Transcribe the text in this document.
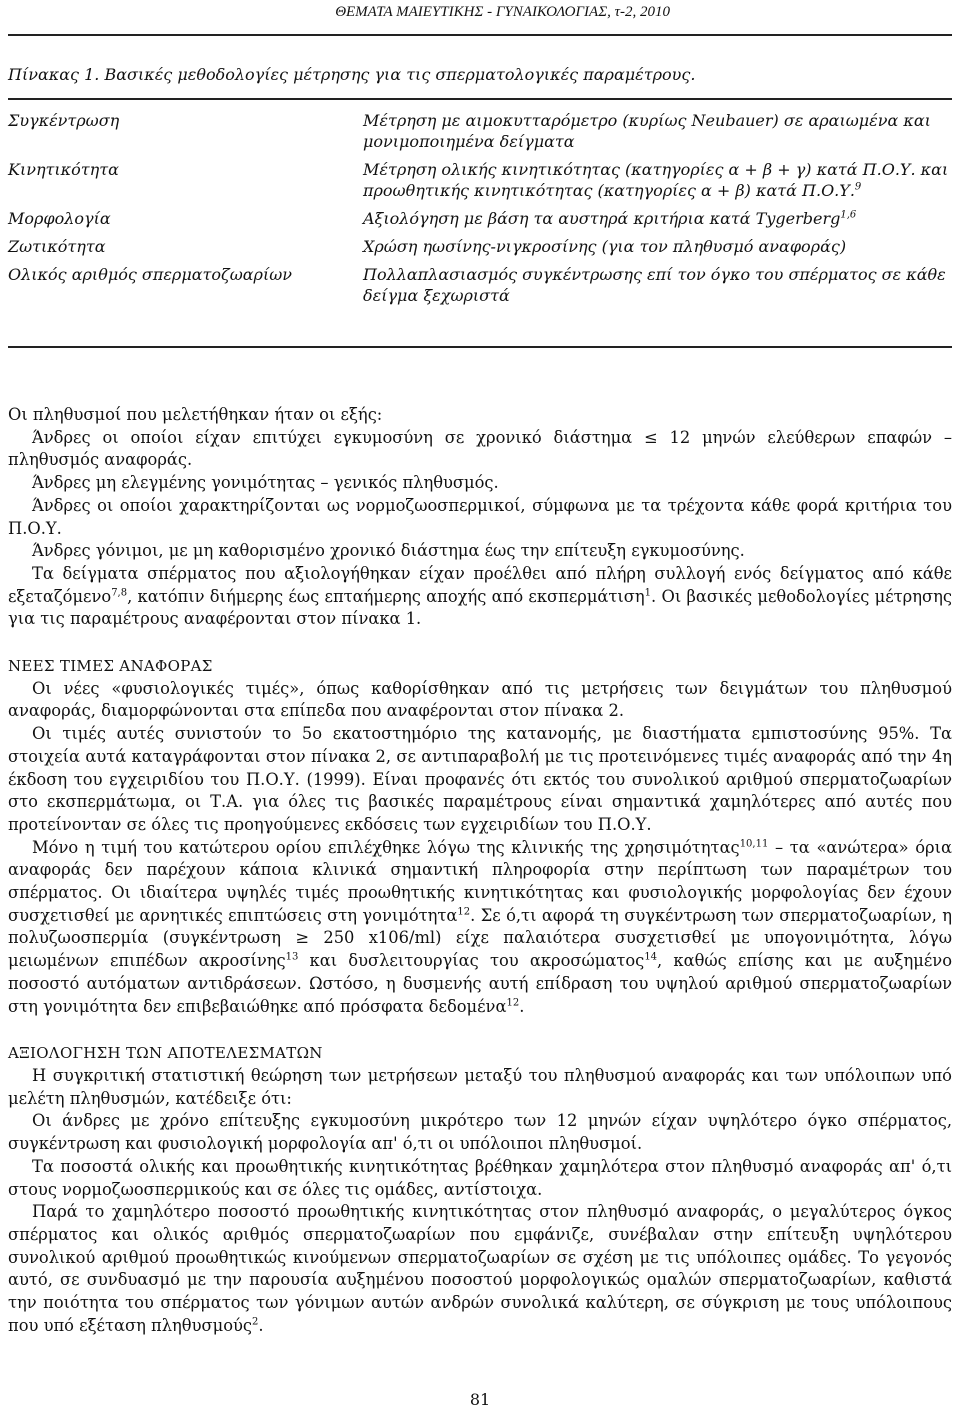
ΘΕΜΑΤΑ ΜΑΙΕΥΤΙΚΗΣ - ΓΥΝΑΙΚΟΛΟΓΙΑΣ, τ-2, 2010
Πίνακας 1. Βασικές μεθοδολογίες μέτρησης για τις σπερματολογικές παραμέτρους.
Συγκέντρωση	Μέτρηση με αιμοκυτταρόμετρο (κυρίως Neubauer) σε αραιωμένα και μονιμοποιημένα δείγματα
Κινητικότητα	Μέτρηση ολικής κινητικότητας (κατηγορίες α + β + γ) κατά Π.Ο.Υ. και προωθητικής κινητικότητας (κατηγορίες α + β) κατά Π.Ο.Υ.$^9$
Μορφολογία	Αξιολόγηση με βάση τα αυστηρά κριτήρια κατά Tygerberg$^{1,6}$
Ζωτικότητα	Χρώση ηωσίνης-νιγκροσίνης (για τον πληθυσμό αναφοράς)
Ολικός αριθμός σπερματοζωαρίων	Πολλαπλασιασμός συγκέντρωσης επί τον όγκο του σπέρματος σε κάθε δείγμα ξεχωριστά

Οι πληθυσμοί που μελετήθηκαν ήταν οι εξής:

Άνδρες οι οποίοι είχαν επιτύχει εγκυμοσύνη σε χρονικό διάστημα ≤ 12 μηνών ελεύθερων επαφών – πληθυσμός αναφοράς.

Άνδρες μη ελεγμένης γονιμότητας – γενικός πληθυσμός.

Άνδρες οι οποίοι χαρακτηρίζονται ως νορμοζωοσπερμικοί, σύμφωνα με τα τρέχοντα κάθε φορά κριτήρια του Π.Ο.Υ.

Άνδρες γόνιμοι, με μη καθορισμένο χρονικό διάστημα έως την επίτευξη εγκυμοσύνης.

Τα δείγματα σπέρματος που αξιολογήθηκαν είχαν προέλθει από πλήρη συλλογή ενός δείγματος από κάθε εξεταζόμενο$^{7,8}$, κατόπιν διήμερης έως επταήμερης αποχής από εκσπερμάτιση$^1$. Οι βασικές μεθοδολογίες μέτρησης για τις παραμέτρους αναφέρονται στον πίνακα 1.

ΝΕΕΣ ΤΙΜΕΣ ΑΝΑΦΟΡΑΣ

Οι νέες «φυσιολογικές τιμές», όπως καθορίσθηκαν από τις μετρήσεις των δειγμάτων του πληθυσμού αναφοράς, διαμορφώνονται στα επίπεδα που αναφέρονται στον πίνακα 2.

Οι τιμές αυτές συνιστούν το 5ο εκατοστημόριο της κατανομής, με διαστήματα εμπιστοσύνης 95%. Τα στοιχεία αυτά καταγράφονται στον πίνακα 2, σε αντιπαραβολή με τις προτεινόμενες τιμές αναφοράς από την 4η έκδοση του εγχειριδίου του Π.Ο.Υ. (1999). Είναι προφανές ότι εκτός του συνολικού αριθμού σπερματοζωαρίων στο εκσπερμάτωμα, οι Τ.Α. για όλες τις βασικές παραμέτρους είναι σημαντικά χαμηλότερες από αυτές που προτείνονταν σε όλες τις προηγούμενες εκδόσεις των εγχειριδίων του Π.Ο.Υ.

Μόνο η τιμή του κατώτερου ορίου επιλέχθηκε λόγω της κλινικής της χρησιμότητας$^{10,11}$ – τα «ανώτερα» όρια αναφοράς δεν παρέχουν κάποια κλινικά σημαντική πληροφορία στην περίπτωση των παραμέτρων του σπέρματος. Οι ιδιαίτερα υψηλές τιμές προωθητικής κινητικότητας και φυσιολογικής μορφολογίας δεν έχουν συσχετισθεί με αρνητικές επιπτώσεις στη γονιμότητα$^{12}$. Σε ό,τι αφορά τη συγκέντρωση των σπερματοζωαρίων, η πολυζωοσπερμία (συγκέντρωση ≥ 250 x106/ml) είχε παλαιότερα συσχετισθεί με υπογονιμότητα, λόγω μειωμένων επιπέδων ακροσίνης$^{13}$ και δυσλειτουργίας του ακροσώματος$^{14}$, καθώς επίσης και με αυξημένο ποσοστό αυτόματων αντιδράσεων. Ωστόσο, η δυσμενής αυτή επίδραση του υψηλού αριθμού σπερματοζωαρίων στη γονιμότητα δεν επιβεβαιώθηκε από πρόσφατα δεδομένα$^{12}$.

ΑΞΙΟΛΟΓΗΣΗ ΤΩΝ ΑΠΟΤΕΛΕΣΜΑΤΩΝ

Η συγκριτική στατιστική θεώρηση των μετρήσεων μεταξύ του πληθυσμού αναφοράς και των υπόλοιπων υπό μελέτη πληθυσμών, κατέδειξε ότι:

Οι άνδρες με χρόνο επίτευξης εγκυμοσύνη μικρότερο των 12 μηνών είχαν υψηλότερο όγκο σπέρματος, συγκέντρωση και φυσιολογική μορφολογία απ' ό,τι οι υπόλοιποι πληθυσμοί.

Τα ποσοστά ολικής και προωθητικής κινητικότητας βρέθηκαν χαμηλότερα στον πληθυσμό αναφοράς απ' ό,τι στους νορμοζωοσπερμικούς και σε όλες τις ομάδες, αντίστοιχα.

Παρά το χαμηλότερο ποσοστό προωθητικής κινητικότητας στον πληθυσμό αναφοράς, ο μεγαλύτερος όγκος σπέρματος και ολικός αριθμός σπερματοζωαρίων που εμφάνιζε, συνέβαλαν στην επίτευξη υψηλότερου συνολικού αριθμού προωθητικώς κινούμενων σπερματοζωαρίων σε σχέση με τις υπόλοιπες ομάδες. Το γεγονός αυτό, σε συνδυασμό με την παρουσία αυξημένου ποσοστού μορφολογικώς ομαλών σπερματοζωαρίων, καθιστά την ποιότητα του σπέρματος των γόνιμων αυτών ανδρών συνολικά καλύτερη, σε σύγκριση με τους υπόλοιπους που υπό εξέταση πληθυσμούς$^2$.

81
